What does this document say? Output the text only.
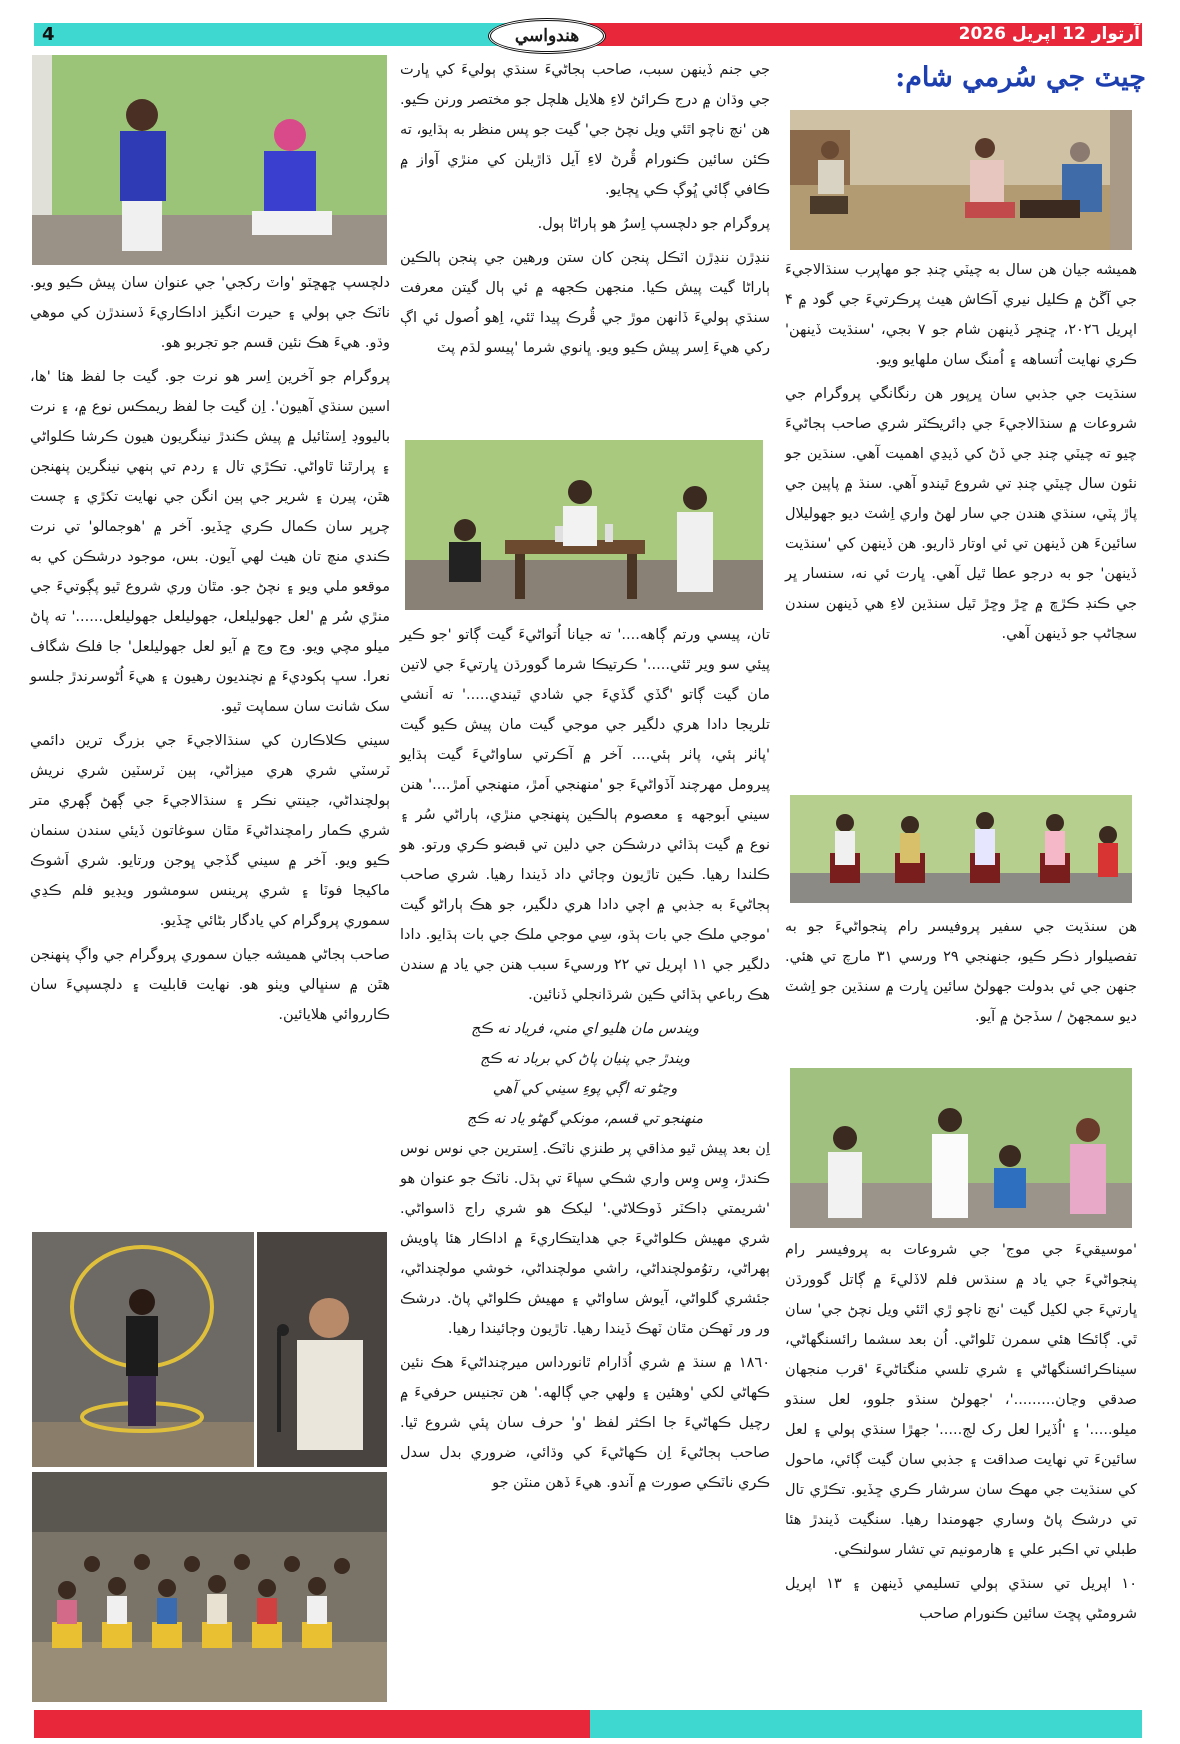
4	هندواسي	آرتوار 12 اپريل 2026
چيٽ جي سُرمي شام:

هميشه جيان هن سال به چيٽي چنڊ جو مهاپرب سنڌالاجيءَ جي آڱڻ ۾ ڪليل نيري آڪاش هيٺ پرڪرتيءَ جي گود ۾ ۴ اپريل ٢٠٢٦، ڇنڇر ڏينهن شام جو ۷ بجي، 'سنڌيت ڏينهن' ڪري نهايت اُتساهه ۽ اُمنگ سان ملهايو ويو.

سنڌيت جي جذبي سان ڀرپور هن رنگانگي پروگرام جي شروعات ۾ سنڌالاجيءَ جي ڊائريڪٽر شري صاحب ٻجاڻيءَ چيو ته چيٽي چنڊ جي ڏڻ کي ڏيڍي اهميت آهي. سنڌين جو نئون سال چيٽي چنڊ تي شروع ٿيندو آهي. سنڌ ۾ پاپين جي پاڙ پٽي، سنڌي هندن جي سار لهڻ واري اِشٽ ديو جهوليلال سائينءَ هن ڏينهن تي ئي اوتار ڌاريو. هن ڏينهن کي 'سنڌيت ڏينهن' جو به درجو عطا ٿيل آهي. ڀارت ئي نه، سنسار ڀر جي ڪنڊ ڪڙڇ ۾ ڇڙ وڇڙ ٿيل سنڌين لاءِ هي ڏينهن سندن سڃاڻپ جو ڏينهن آهي.

هن سنڌيت جي سفير پروفيسر رام پنجواڻيءَ جو به تفصيلوار ذڪر ڪيو، جنهنجي ۲۹ ورسي ۳۱ مارچ تي هئي. جنهن جي ئي بدولت جهولڻ سائين ڀارت ۾ سنڌين جو اِشٽ ديو سمجهڻ / سڏجڻ ۾ آيو.

'موسيقيءَ جي موج' جي شروعات به پروفيسر رام پنجواڻيءَ جي ياد ۾ سنڌس فلم لاڏليءَ ۾ ڳاتل گوورڌن ڀارتيءَ جي لکيل گيت 'نچ ناچو ڙي اٿئي ويل نچڻ جي' سان ٿي. ڳائڪا هئي سمرن ٽلواڻي. اُن بعد سشما رائسنگهاڻي، سيناڪرائسنگهاڻي ۽ شري تلسي منگتاڻيءَ 'قرب منجهان صدقي وڃان.........'، 'جهولڻ سنڌو جلوو، لعل سنڌو ميلو.....' ۽ 'اُڏيرا لعل رک لڄ.....' جهڙا سنڌي ٻولي ۽ لعل سائينءَ تي نهايت صداقت ۽ جذبي سان گيت ڳائي، ماحول کي سنڌيت جي مهڪ سان سرشار ڪري ڇڏيو. تڪڙي تال تي درشڪ پاڻ وساري جهومندا رهيا. سنگيت ڏيندڙ هئا طبلي تي اڪبر علي ۽ هارمونيم تي تشار سولنڪي.

۱۰ اپريل تي سنڌي ٻولي تسليمي ڏينهن ۽ ۱۳ اپريل شرومڻي پڇٽ سائين ڪنورام صاحب

جي جنم ڏينهن سبب، صاحب ٻجاڻيءَ سنڌي ٻوليءَ کي ڀارت جي وڌان ۾ درج ڪرائڻ لاءِ هلايل هلچل جو مختصر ورنن ڪيو. هن 'نچ ناچو اٿئي ويل نچڻ جي' گيت جو پس منظر به ٻڌايو، ته ڪئن سائين ڪنورام ڦُرڻ لاءِ آيل ڌاڙيلن کي منڙي آواز ۾ ڪافي ڳائي ڀُوڳ ڪي ڀڄايو.

پروگرام جو دلچسپ اِسرُ هو ٻاراڻا ٻول.

ننڍڙن ننڍڙن اٽڪل پنجن کان ستن ورهين جي پنجن ٻالڪين ٻاراڻا گيت پيش ڪيا. منجهن ڪجهه ۾ ئي ٻال گيتن معرفت سنڌي ٻوليءَ ڏانهن موڙ جي ڦُرڪ پيدا ٿئي، اِهو اُصول ئي اڳ رکي هيءَ اِسر پيش ڪيو ويو. ڀانوي شرما 'پيسو لڌم پٽ

تان، پيسي ورتم ڳاهه....' ته جيانا اُتواڻيءَ گيت ڳاتو 'جو ڪير پيئي سو وير ٿئي.....' ڪرتيڪا شرما گوورڌن ڀارتيءَ جي لاتين مان گيت ڳاتو 'گڏي گڏيءَ جي شادي ٿيندي.....' ته اَنشي تلريجا دادا هري دلگير جي موجي گيت مان پيش ڪيو گيت 'پاٺر ٻئي، پاٺر ٻئي.... آخر ۾ آڪرتي ساواڻيءَ گيت ٻڌايو پيرومل مهرچند آڏواڻيءَ جو 'منهنجي اَمڙ، منهنجي اَمڙ....' هنن سيني اَبوجهه ۽ معصوم ٻالڪين پنهنجي منڙي، ٻاراڻي سُر ۽ نوع ۾ گيت ٻڌائي درشڪن جي دلين تي قبضو ڪري ورتو. هو ڪلندا رهيا. ڪين تاڙيون وڄائي داد ڏيندا رهيا. شري صاحب ٻجاڻيءَ به جذبي ۾ اچي دادا هري دلگير، جو هڪ ٻاراڻو گيت 'موجي ملڪ جي بات ٻڌو، سِي موجي ملڪ جي بات ٻڌايو. دادا دلگير جي ۱۱ اپريل تي ۲۲ ورسيءَ سبب هنن جي ياد ۾ سندن هڪ رباعي ٻڌائي ڪين شرڌانجلي ڏنائين.

ويندس مان هليو اي مني، فرياد نه ڪج
ويندڙ جي پنيان پاڻ کي برباد نه ڪج
وڃڻو ته اڳي پوءِ سيني کي آهي
منهنجو تي قسم، مونکي گهڻو ياد نه ڪج

اِن بعد پيش ٿيو مذاقي پر طنزي ناٽڪ. اِسترين جي نوس نوس ڪندڙ، وِس وِس واري شڪي سڀاءَ تي ٻڌل. ناٽڪ جو عنوان هو 'شريمتي ڊاڪٽر ڏوڪلاڻي.' ليکڪ هو شري راج ڌاسواڻي. شري مهيش ڪلواڻيءَ جي هدايتڪاريءَ ۾ اداڪار هئا پاويش ٻهراڻي، رتوُمولچنداڻي، راشي مولچنداڻي، خوشي مولچنداڻي، جئشري گلواڻي، آيوش ساواڻي ۽ مهيش ڪلواڻي پاڻ. درشڪ ور ور ٽهڪن مٿان ٽهڪ ڏيندا رهيا. تاڙيون وڄائيندا رهيا.

۱۸٦٠ ۾ سنڌ ۾ شري اُڌارام ٿانورداس ميرچنداڻيءَ هڪ نئين ڪهاڻي لکي 'وهئين ۽ ولهي جي ڳالهه.' هن تجنيس حرفيءَ ۾ رچيل ڪهاڻيءَ جا اڪثر لفظ 'و' حرف سان پئي شروع ٿيا. صاحب ٻجاڻيءَ اِن ڪهاڻيءَ کي وڌائي، ضروري بدل سدل ڪري ناٽڪي صورت ۾ آندو. هيءَ ڏهن منٽن جو

دلچسپ ڇهڇٽو 'واٽ رکجي' جي عنوان سان پيش ڪيو ويو. ناٽڪ جي ٻولي ۽ حيرت انگيز اداڪاريءَ ڏسندڙن کي موهي وڌو. هيءَ هڪ نئين قسم جو تجربو هو.

پروگرام جو آخرين اِسر هو نرت جو. گيت جا لفظ هئا 'ها، اسين سنڌي آهيون'. اِن گيت جا لفظ ريمڪس نوع ۾، ۽ نرت باليووڊ اِسٽائيل ۾ پيش ڪندڙ نينگريون هيون ڪرشا ڪلواڻي ۽ پرارٿنا ٿاواڻي. تڪڙي تال ۽ ردم تي ٻنهي نينگرين پنهنجن هٿن، پيرن ۽ شرير جي ٻين انگن جي نهايت تکڙي ۽ چست چرپر سان ڪمال ڪري ڇڏيو. آخر ۾ 'هوجمالو' تي نرت ڪندي منچ تان هيٺ لهي آيون. بس، موجود درشڪن کي به موقعو ملي ويو ۽ نچڻ جو. مٿان وري شروع ٿيو پڳوتيءَ جي منڙي سُر ۾ 'لعل جهوليلعل، جهوليلعل جهوليلعل......' ته پاڻ ميلو مچي ويو. وڃ وڃ ۾ آيو لعل جهوليلعل' جا فلڪ شگاف نعرا. سڀ ٻکوديءَ ۾ نچنديون رهيون ۽ هيءَ اُڻوسرندڙ جلسو سک شانت سان سماپت ٿيو.

سيني ڪلاڪارن کي سنڌالاجيءَ جي بزرگ ترين دائمي ٽرسٽي شري هري ميزاڻي، ٻين ٽرسٽين شري نريش ٻولچنداڻي، جينتي نڪر ۽ سنڌالاجيءَ جي ڳهڻ ڳهري متر شري ڪمار رامچنداڻيءَ مٿان سوغاتون ڏيئي سندن سنمان ڪيو ويو. آخر ۾ سيني گڏجي ڀوجن ورتايو. شري اَشوڪ ماکيجا فوٽا ۽ شري پرينس سومشور ويڊيو فلم ڪڍي سموري پروگرام کي يادگار بڻائي ڇڏيو.

صاحب ٻجاڻي هميشه جيان سموري پروگرام جي واڳ پنهنجن هٿن ۾ سنڀالي ويٺو هو. نهايت قابليت ۽ دلچسپيءَ سان ڪارروائي هلايائين.
